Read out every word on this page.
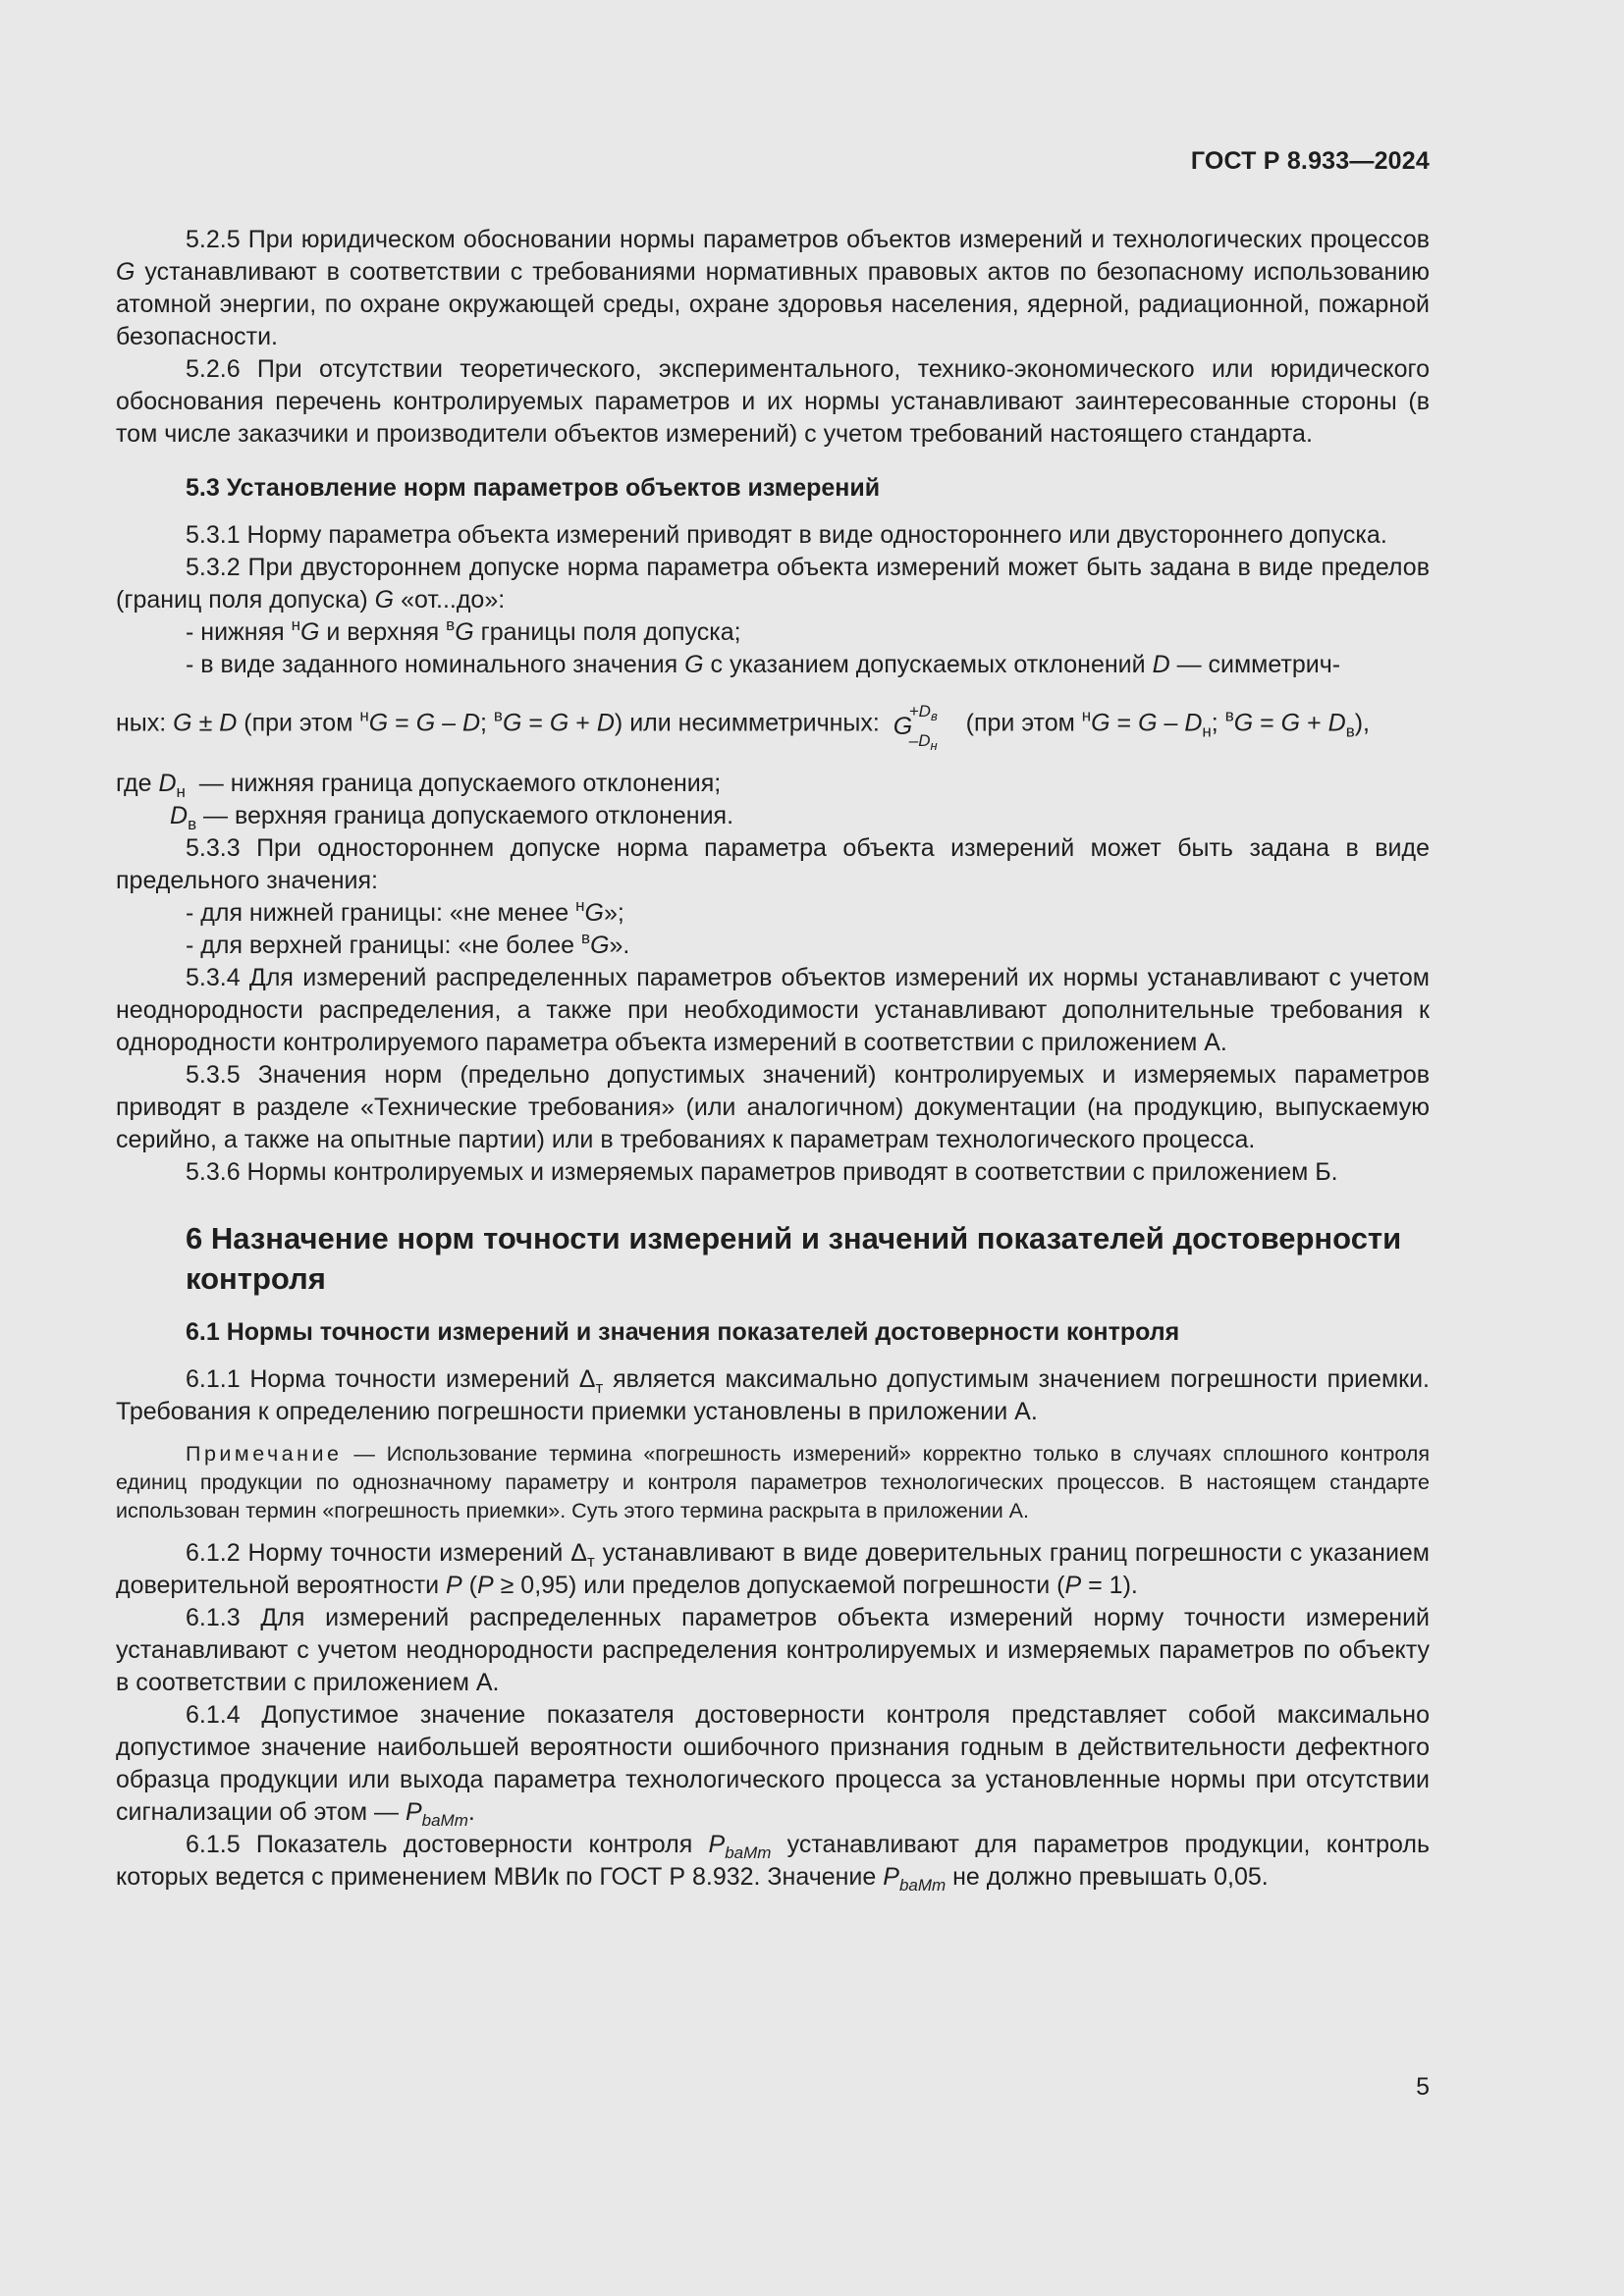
ГОСТ Р 8.933—2024

5.2.5 При юридическом обосновании нормы параметров объектов измерений и технологических процессов G устанавливают в соответствии с требованиями нормативных правовых актов по безопасному использованию атомной энергии, по охране окружающей среды, охране здоровья населения, ядерной, радиационной, пожарной безопасности.

5.2.6 При отсутствии теоретического, экспериментального, технико-экономического или юридического обоснования перечень контролируемых параметров и их нормы устанавливают заинтересованные стороны (в том числе заказчики и производители объектов измерений) с учетом требований настоящего стандарта.

5.3 Установление норм параметров объектов измерений

5.3.1 Норму параметра объекта измерений приводят в виде одностороннего или двустороннего допуска.

5.3.2 При двустороннем допуске норма параметра объекта измерений может быть задана в виде пределов (границ поля допуска) G «от...до»:

- нижняя $^н$G и верхняя $^в$G границы поля допуска;

- в виде заданного номинального значения G с указанием допускаемых отклонений D — симметрич-

ных: G ± D (при этом $^н$G = G – D; $^в$G = G + D) или несимметричных: G
$+D_в$
$-D_н$
(при этом $^нG = G - D_н$; $^вG = G + D_в$),

где $D_н$ — нижняя граница допускаемого отклонения;

$D_в$ — верхняя граница допускаемого отклонения.

5.3.3 При одностороннем допуске норма параметра объекта измерений может быть задана в виде предельного значения:

- для нижней границы: «не менее $^н$G»;

- для верхней границы: «не более $^в$G».

5.3.4 Для измерений распределенных параметров объектов измерений их нормы устанавливают с учетом неоднородности распределения, а также при необходимости устанавливают дополнительные требования к однородности контролируемого параметра объекта измерений в соответствии с приложением А.

5.3.5 Значения норм (предельно допустимых значений) контролируемых и измеряемых параметров приводят в разделе «Технические требования» (или аналогичном) документации (на продукцию, выпускаемую серийно, а также на опытные партии) или в требованиях к параметрам технологического процесса.

5.3.6 Нормы контролируемых и измеряемых параметров приводят в соответствии с приложением Б.

6 Назначение норм точности измерений и значений показателей достоверности контроля
6.1 Нормы точности измерений и значения показателей достоверности контроля

6.1.1 Норма точности измерений $\Delta_т$ является максимально допустимым значением погрешности приемки. Требования к определению погрешности приемки установлены в приложении А.

Примечание — Использование термина «погрешность измерений» корректно только в случаях сплошного контроля единиц продукции по однозначному параметру и контроля параметров технологических процессов. В настоящем стандарте использован термин «погрешность приемки». Суть этого термина раскрыта в приложении А.

6.1.2 Норму точности измерений $\Delta_т$ устанавливают в виде доверительных границ погрешности с указанием доверительной вероятности P (P ≥ 0,95) или пределов допускаемой погрешности (P = 1).

6.1.3 Для измерений распределенных параметров объекта измерений норму точности измерений устанавливают с учетом неоднородности распределения контролируемых и измеряемых параметров по объекту в соответствии с приложением А.

6.1.4 Допустимое значение показателя достоверности контроля представляет собой максимально допустимое значение наибольшей вероятности ошибочного признания годным в действительности дефектного образца продукции или выхода параметра технологического процесса за установленные нормы при отсутствии сигнализации об этом — $P_{baMm}$.

6.1.5 Показатель достоверности контроля $P_{baMm}$ устанавливают для параметров продукции, контроль которых ведется с применением МВИк по ГОСТ Р 8.932. Значение $P_{baMm}$ не должно превышать 0,05.

5
